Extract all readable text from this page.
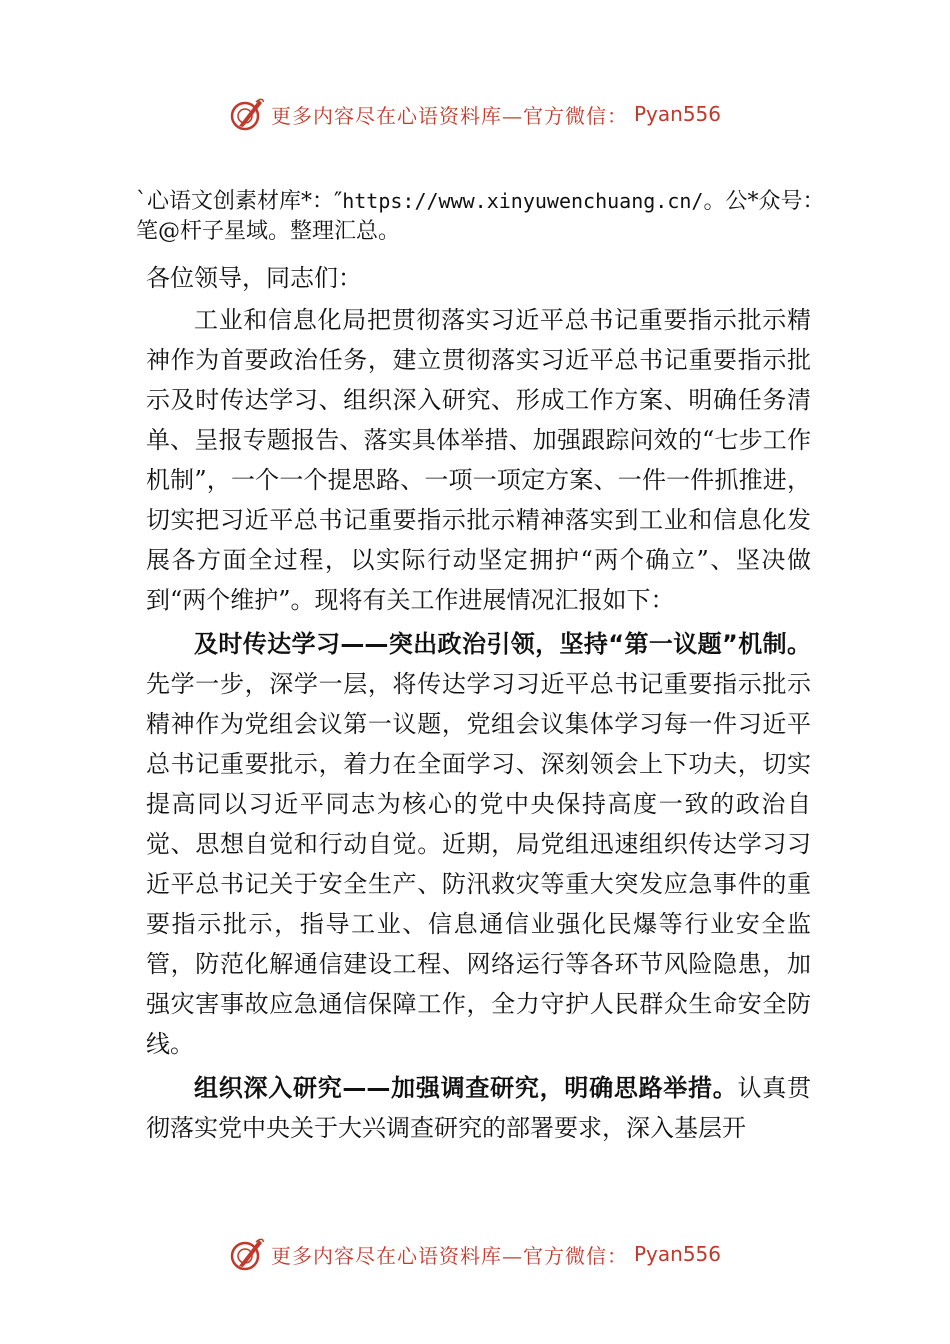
更多内容尽在心语资料库—官方微信： Pyan556
`心语文创素材库*：″https://www.xinyuwenchuang.cn/。公*众号：笔@杆子星域。整理汇总。

各位领导，同志们：

工业和信息化局把贯彻落实习近平总书记重要指示批示精神作为首要政治任务，建立贯彻落实习近平总书记重要指示批示及时传达学习、组织深入研究、形成工作方案、明确任务清单、呈报专题报告、落实具体举措、加强跟踪问效的“七步工作机制”，一个一个提思路、一项一项定方案、一件一件抓推进，切实把习近平总书记重要指示批示精神落实到工业和信息化发展各方面全过程，以实际行动坚定拥护“两个确立”、坚决做到“两个维护”。现将有关工作进展情况汇报如下：

及时传达学习——突出政治引领，坚持“第一议题”机制。先学一步，深学一层，将传达学习习近平总书记重要指示批示精神作为党组会议第一议题，党组会议集体学习每一件习近平总书记重要批示，着力在全面学习、深刻领会上下功夫，切实提高同以习近平同志为核心的党中央保持高度一致的政治自觉、思想自觉和行动自觉。近期，局党组迅速组织传达学习习近平总书记关于安全生产、防汛救灾等重大突发应急事件的重要指示批示，指导工业、信息通信业强化民爆等行业安全监管，防范化解通信建设工程、网络运行等各环节风险隐患，加强灾害事故应急通信保障工作，全力守护人民群众生命安全防线。

组织深入研究——加强调查研究，明确思路举措。认真贯彻落实党中央关于大兴调查研究的部署要求，深入基层开

更多内容尽在心语资料库—官方微信： Pyan556
